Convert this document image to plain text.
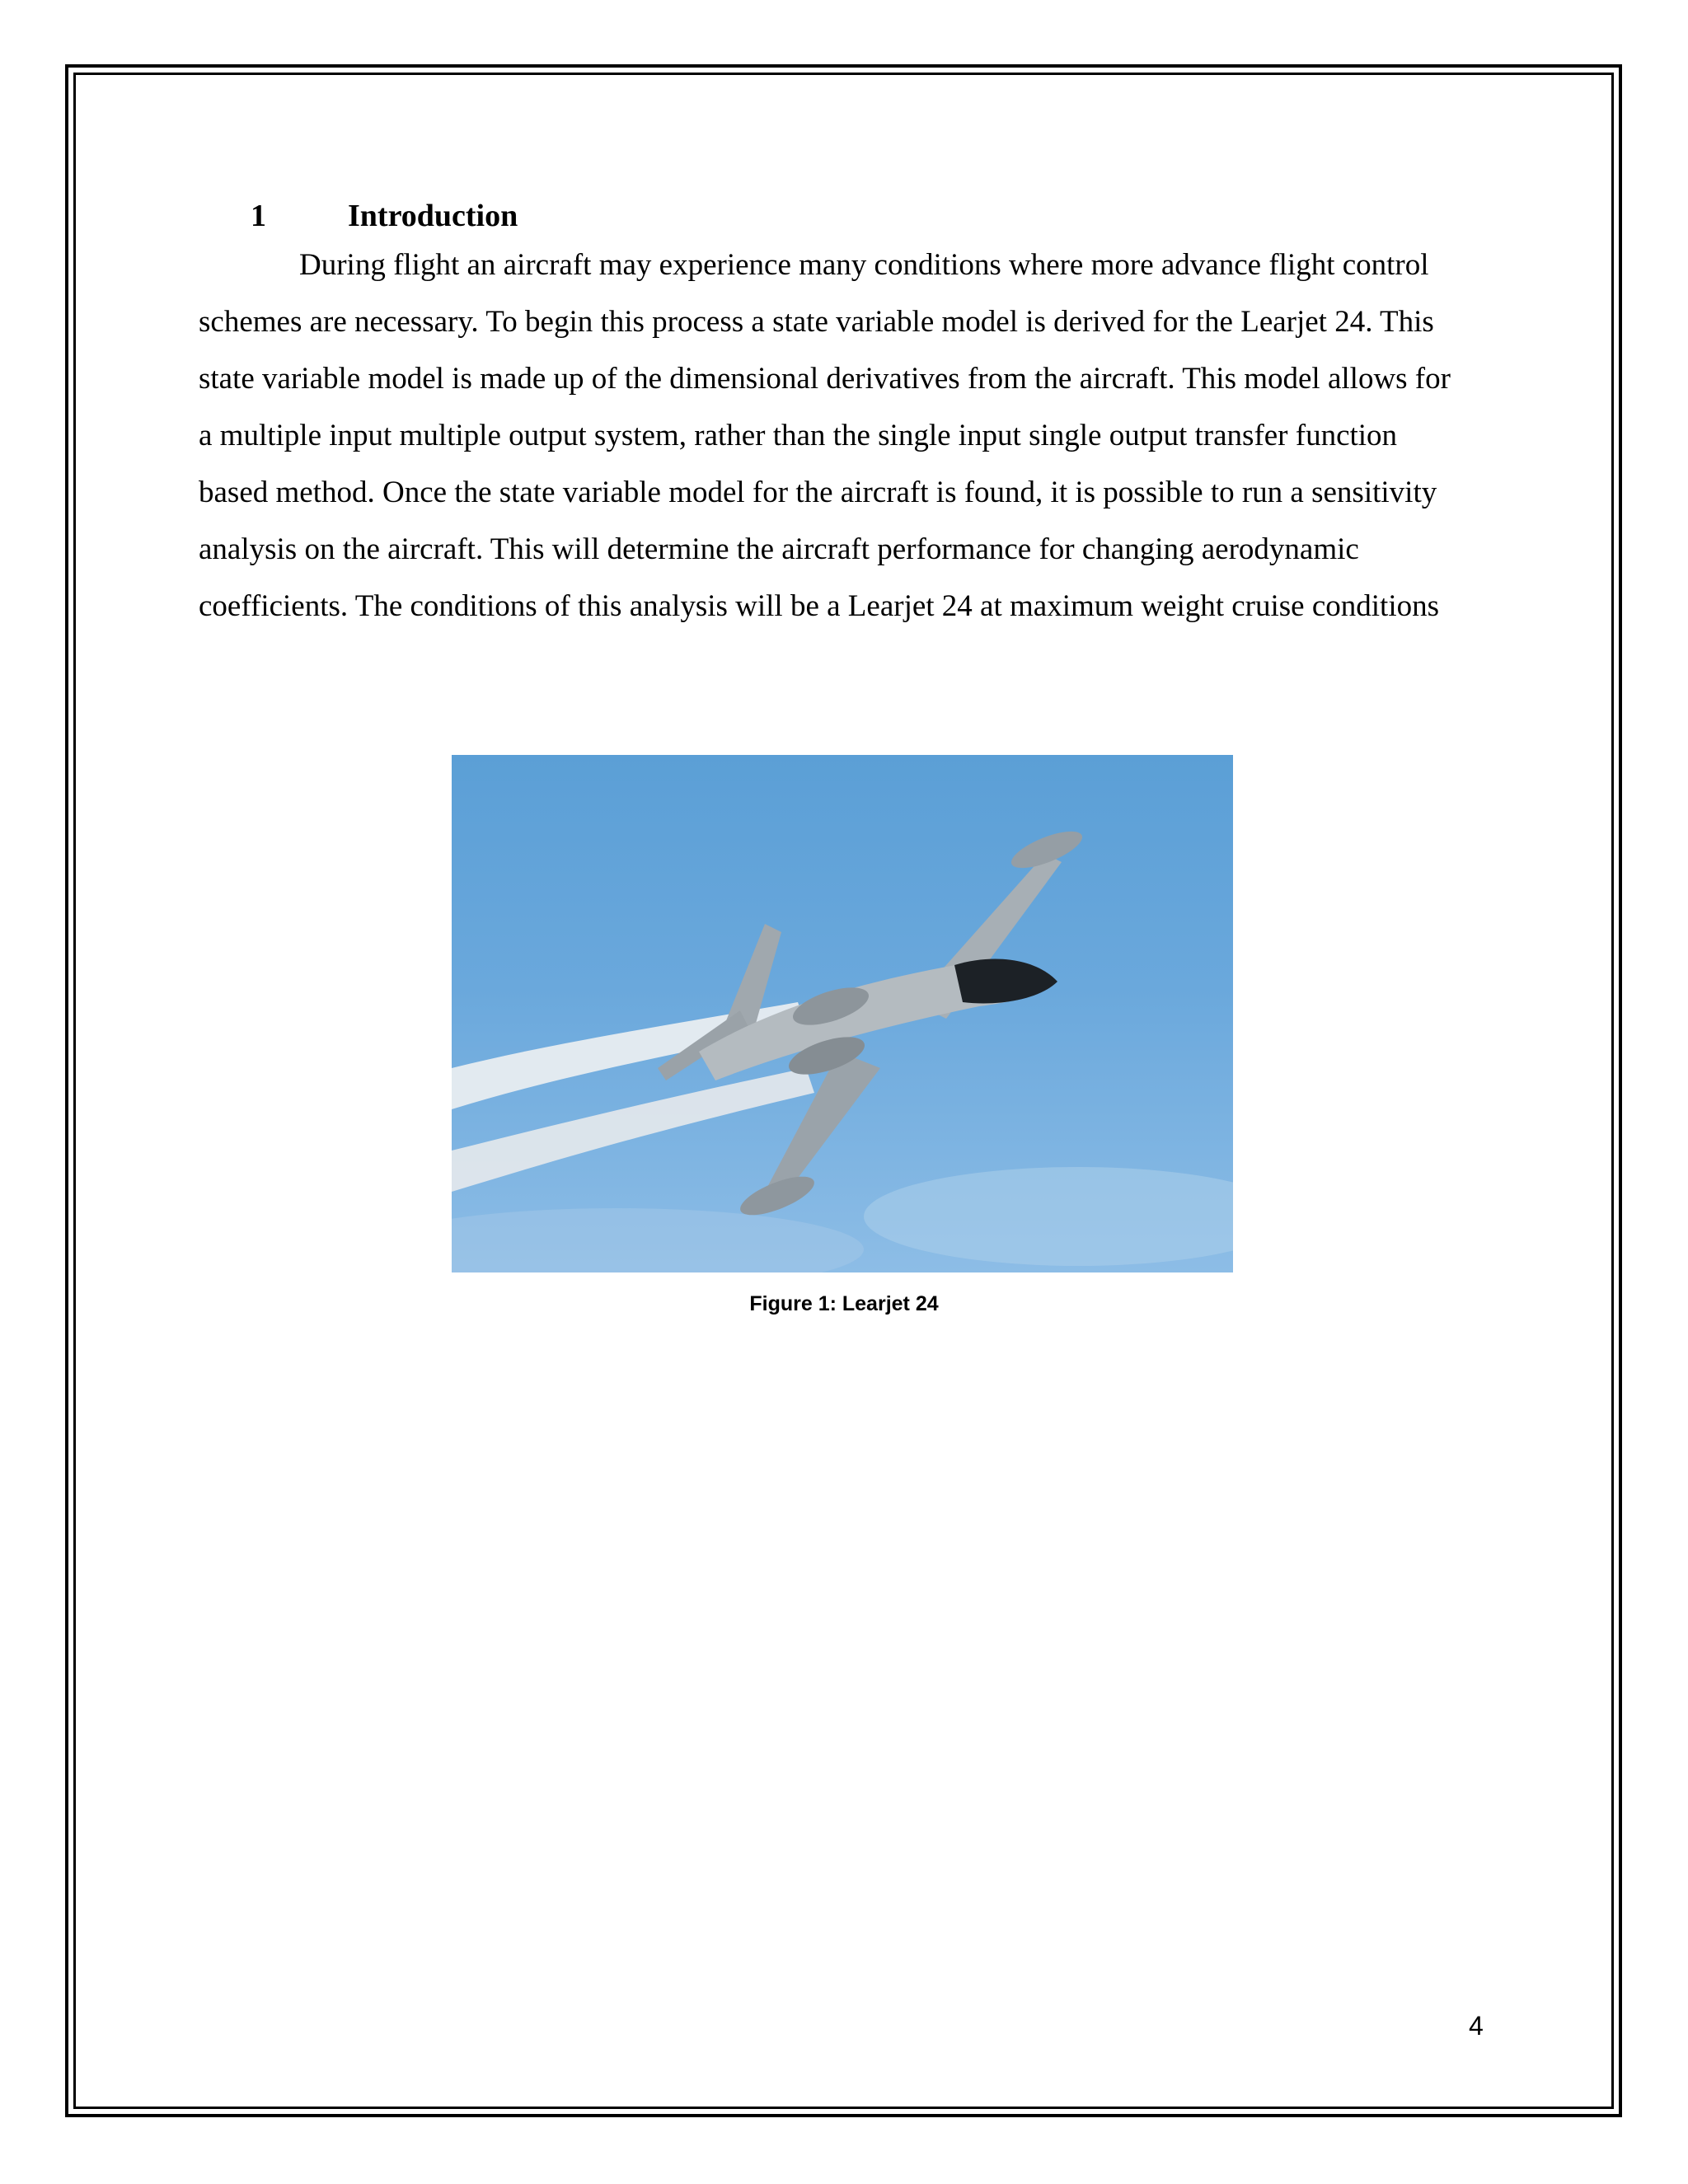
1	Introduction

During flight an aircraft may experience many conditions where more advance flight control schemes are necessary. To begin this process a state variable model is derived for the Learjet 24. This state variable model is made up of the dimensional derivatives from the aircraft. This model allows for a multiple input multiple output system, rather than the single input single output transfer function based method. Once the state variable model for the aircraft is found, it is possible to run a sensitivity analysis on the aircraft. This will determine the aircraft performance for changing aerodynamic coefficients. The conditions of this analysis will be a Learjet 24 at maximum weight cruise conditions

Figure 1: Learjet 24
4
